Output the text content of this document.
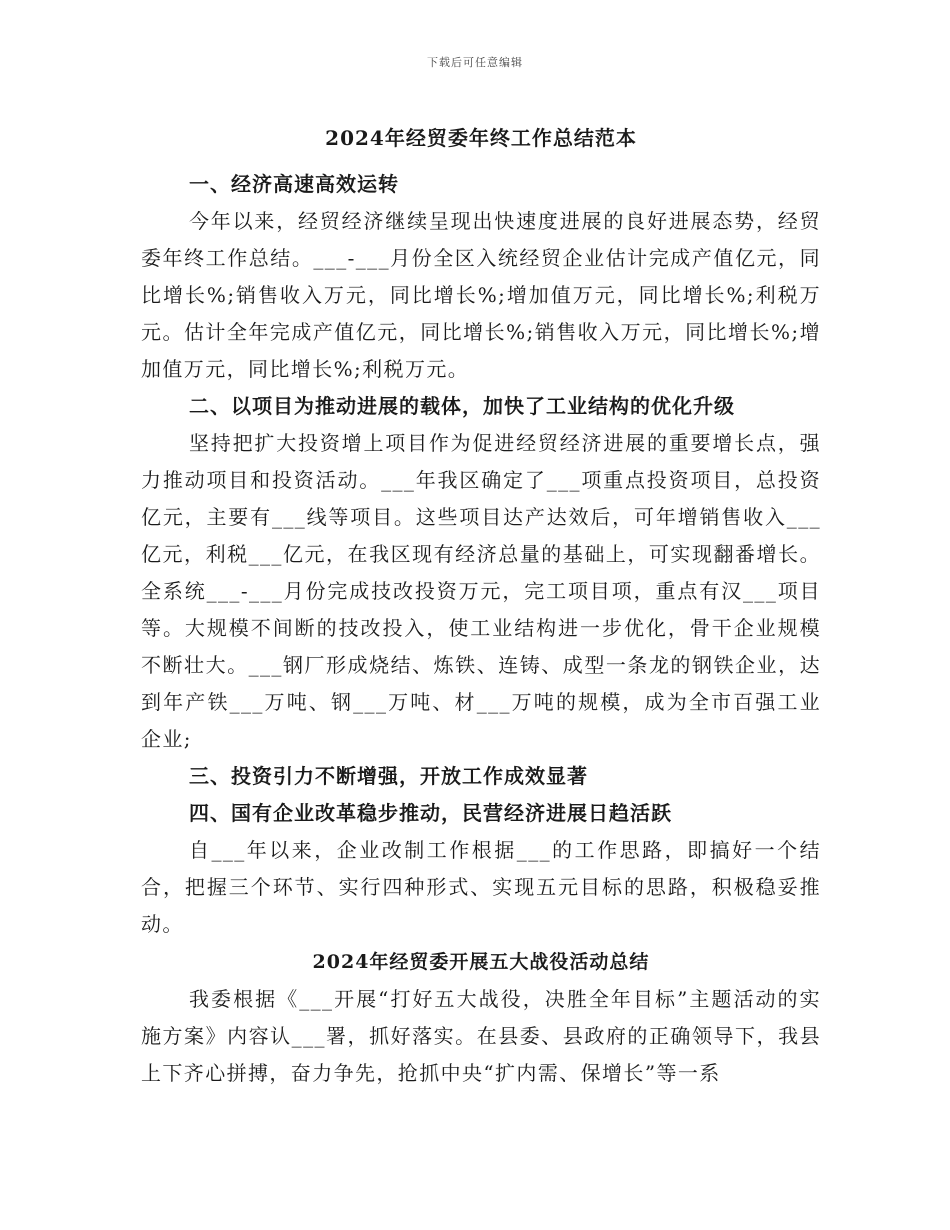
下载后可任意编辑
2024年经贸委年终工作总结范本
一、经济高速高效运转

今年以来，经贸经济继续呈现出快速度进展的良好进展态势，经贸委年终工作总结。___-___月份全区入统经贸企业估计完成产值亿元，同比增长%;销售收入万元，同比增长%;增加值万元，同比增长%;利税万元。估计全年完成产值亿元，同比增长%;销售收入万元，同比增长%;增加值万元，同比增长%;利税万元。

二、以项目为推动进展的载体，加快了工业结构的优化升级

坚持把扩大投资增上项目作为促进经贸经济进展的重要增长点，强力推动项目和投资活动。___年我区确定了___项重点投资项目，总投资亿元，主要有___线等项目。这些项目达产达效后，可年增销售收入___亿元，利税___亿元，在我区现有经济总量的基础上，可实现翻番增长。全系统___-___月份完成技改投资万元，完工项目项，重点有汉___项目等。大规模不间断的技改投入，使工业结构进一步优化，骨干企业规模不断壮大。___钢厂形成烧结、炼铁、连铸、成型一条龙的钢铁企业，达到年产铁___万吨、钢___万吨、材___万吨的规模，成为全市百强工业企业;

三、投资引力不断增强，开放工作成效显著
四、国有企业改革稳步推动，民营经济进展日趋活跃

自___年以来，企业改制工作根据___的工作思路，即搞好一个结合，把握三个环节、实行四种形式、实现五元目标的思路，积极稳妥推动。

2024年经贸委开展五大战役活动总结

我委根据《___开展“打好五大战役，决胜全年目标”主题活动的实施方案》内容认___署，抓好落实。在县委、县政府的正确领导下，我县上下齐心拼搏，奋力争先，抢抓中央“扩内需、保增长”等一系
